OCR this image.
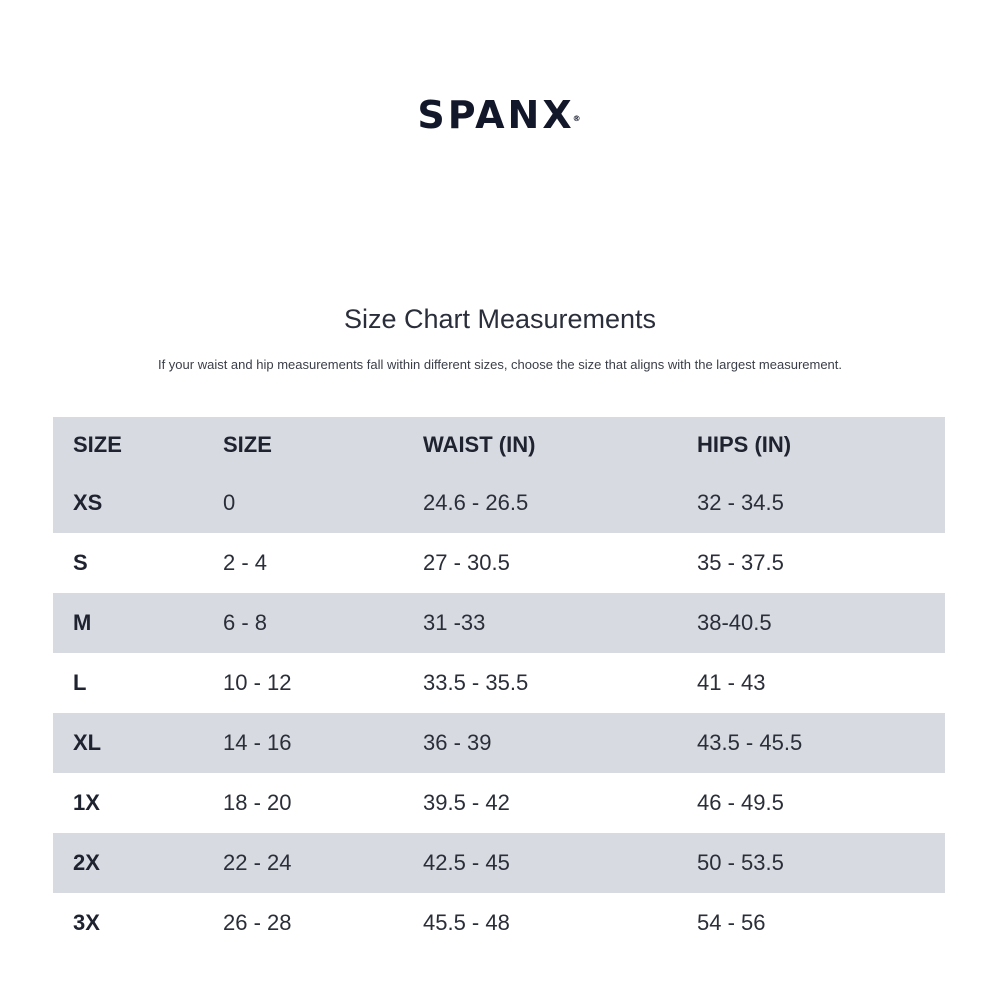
SPANX®
Size Chart Measurements

If your waist and hip measurements fall within different sizes, choose the size that aligns with the largest measurement.

SIZE	SIZE	WAIST (IN)	HIPS (IN)
XS	0	24.6 - 26.5	32 - 34.5
S	2 - 4	27 - 30.5	35 - 37.5
M	6 - 8	31 -33	38-40.5
L	10 - 12	33.5 - 35.5	41 - 43
XL	14 - 16	36 - 39	43.5 - 45.5
1X	18 - 20	39.5 - 42	46 - 49.5
2X	22 - 24	42.5 - 45	50 - 53.5
3X	26 - 28	45.5 - 48	54 - 56
